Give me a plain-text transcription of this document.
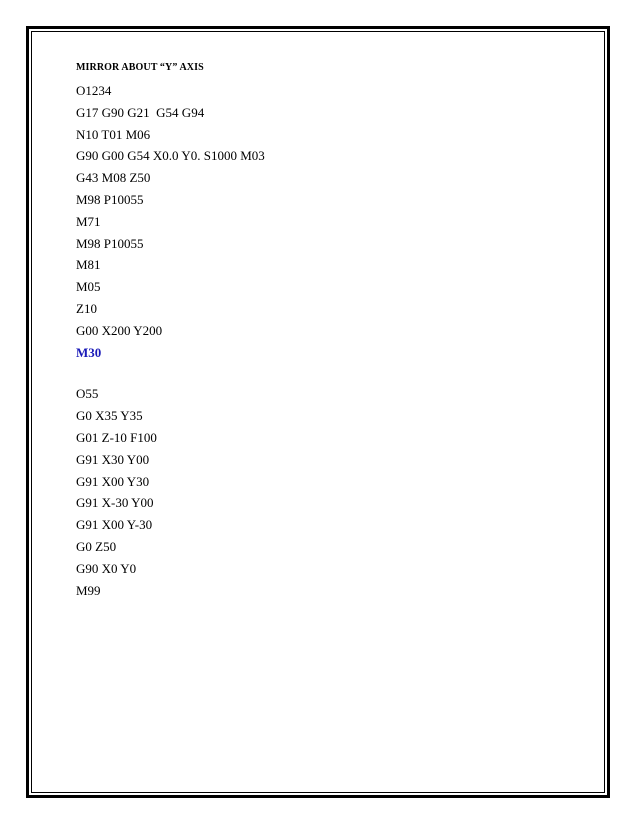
MIRROR ABOUT “Y” AXIS
O1234
G17 G90 G21  G54 G94
N10 T01 M06
G90 G00 G54 X0.0 Y0. S1000 M03
G43 M08 Z50
M98 P10055
M71
M98 P10055
M81
M05
Z10
G00 X200 Y200
M30
O55
G0 X35 Y35
G01 Z-10 F100
G91 X30 Y00
G91 X00 Y30
G91 X-30 Y00
G91 X00 Y-30
G0 Z50
G90 X0 Y0
M99
